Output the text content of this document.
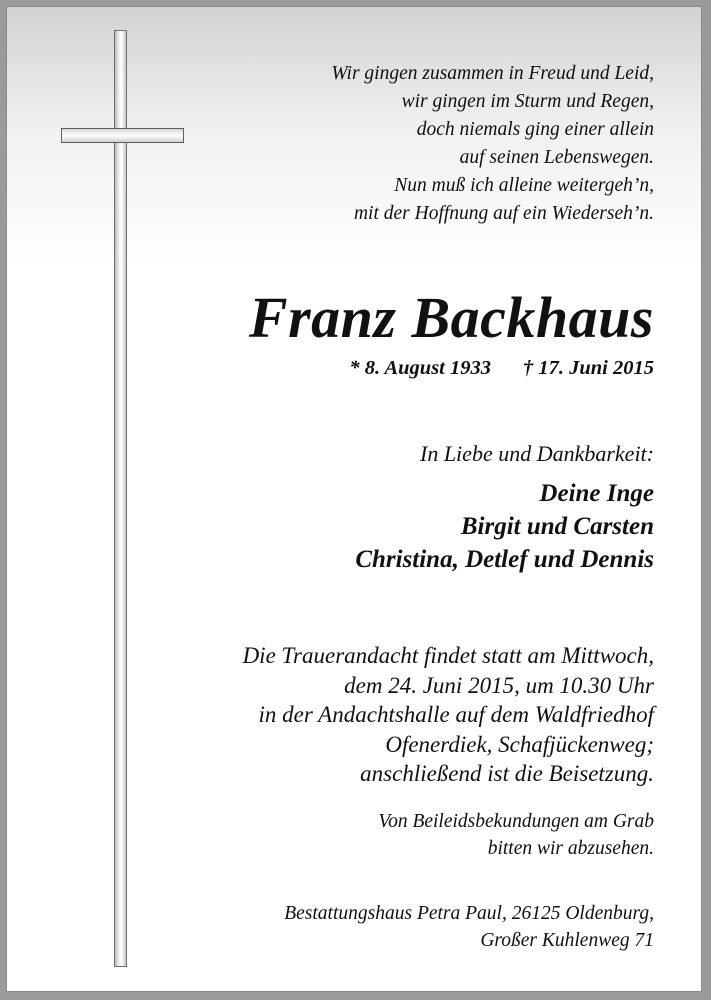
Wir gingen zusammen in Freud und Leid,
wir gingen im Sturm und Regen,
doch niemals ging einer allein
auf seinen Lebenswegen.
Nun muß ich alleine weitergeh’n,
mit der Hoffnung auf ein Wiederseh’n.
Franz Backhaus
* 8. August 1933 † 17. Juni 2015
In Liebe und Dankbarkeit:
Deine Inge
Birgit und Carsten
Christina, Detlef und Dennis
Die Trauerandacht findet statt am Mittwoch,
dem 24. Juni 2015, um 10.30 Uhr
in der Andachtshalle auf dem Waldfriedhof
Ofenerdiek, Schafjückenweg;
anschließend ist die Beisetzung.
Von Beileidsbekundungen am Grab
bitten wir abzusehen.
Bestattungshaus Petra Paul, 26125 Oldenburg,
Großer Kuhlenweg 71
